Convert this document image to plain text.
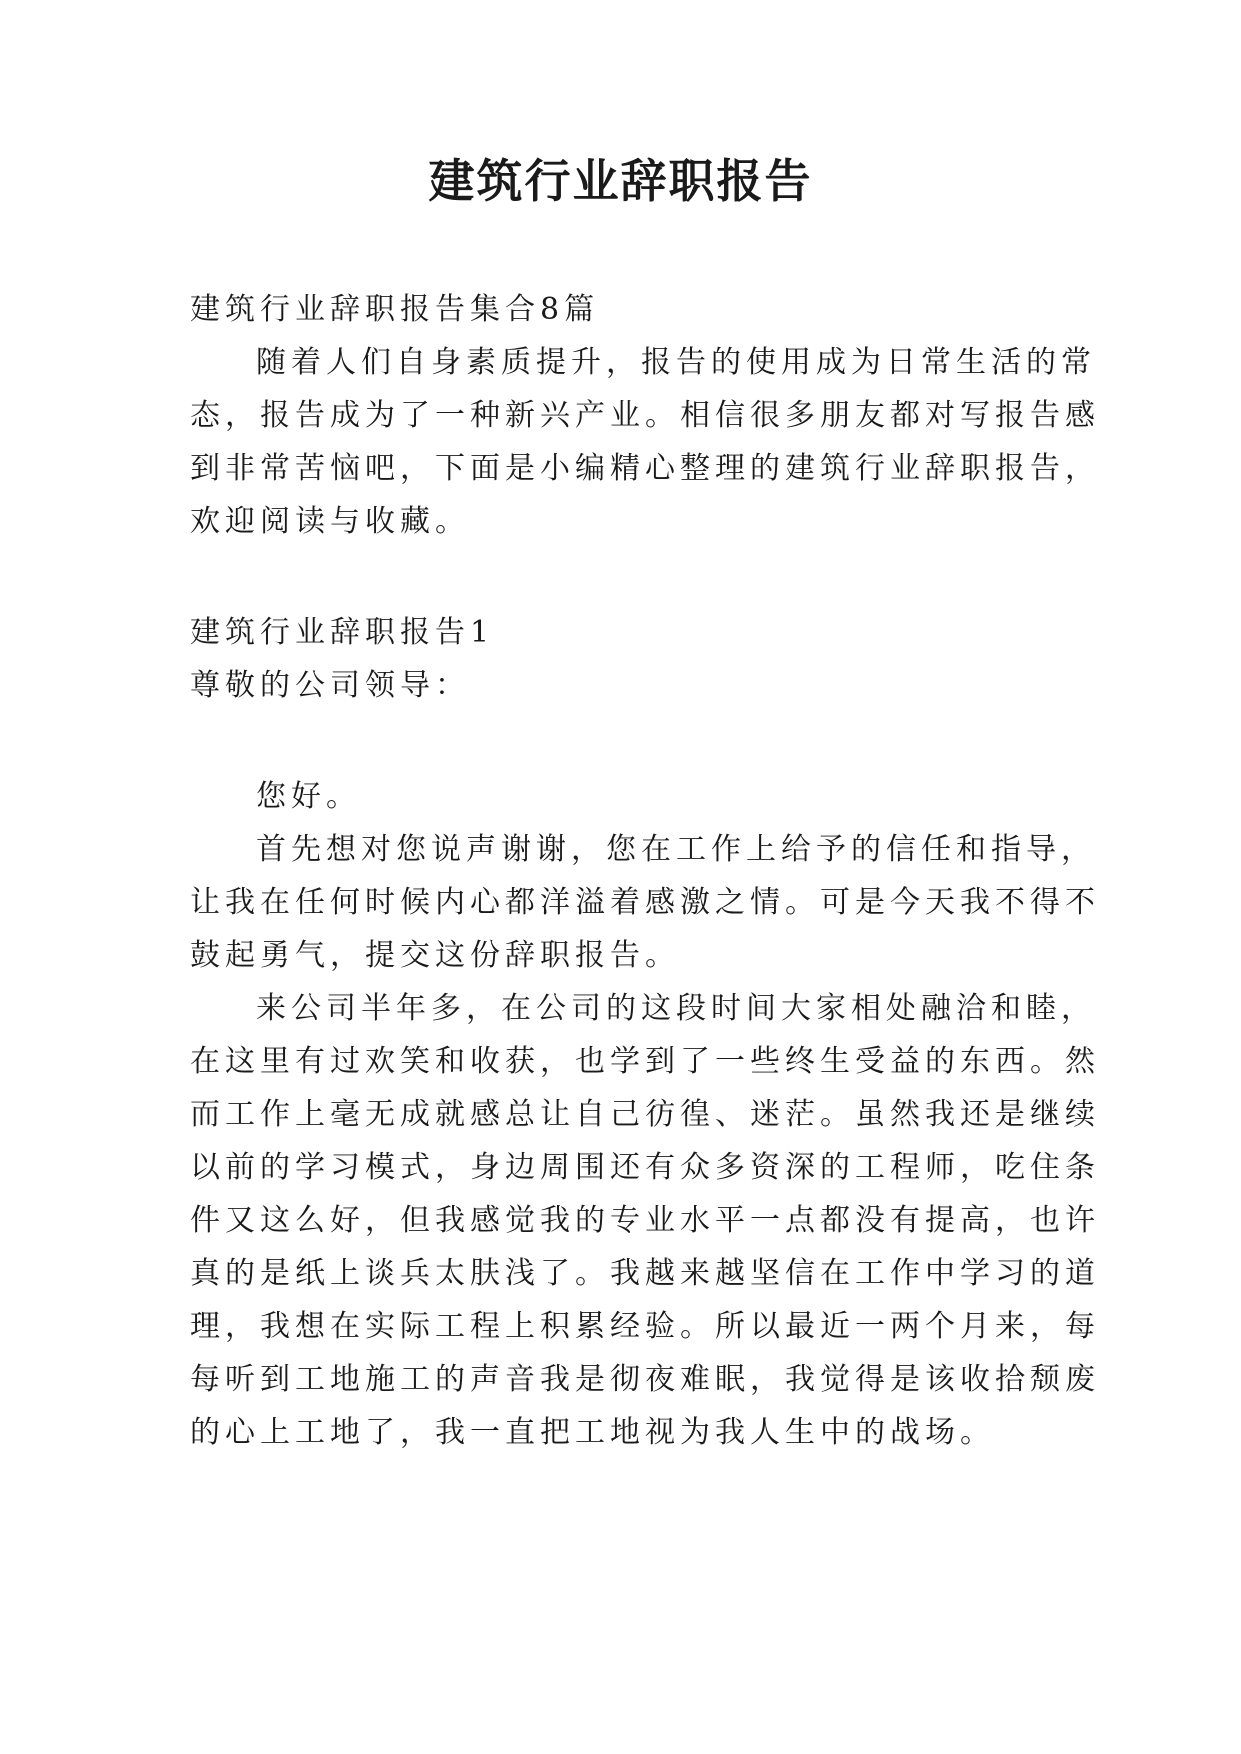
建筑行业辞职报告
建筑行业辞职报告集合8篇
随着人们自身素质提升，报告的使用成为日常生活的常
态，报告成为了一种新兴产业。相信很多朋友都对写报告感
到非常苦恼吧，下面是小编精心整理的建筑行业辞职报告，
欢迎阅读与收藏。
建筑行业辞职报告1
尊敬的公司领导：
您好。
首先想对您说声谢谢，您在工作上给予的信任和指导，
让我在任何时候内心都洋溢着感激之情。可是今天我不得不
鼓起勇气，提交这份辞职报告。
来公司半年多，在公司的这段时间大家相处融洽和睦，
在这里有过欢笑和收获，也学到了一些终生受益的东西。然
而工作上毫无成就感总让自己彷徨、迷茫。虽然我还是继续
以前的学习模式，身边周围还有众多资深的工程师，吃住条
件又这么好，但我感觉我的专业水平一点都没有提高，也许
真的是纸上谈兵太肤浅了。我越来越坚信在工作中学习的道
理，我想在实际工程上积累经验。所以最近一两个月来，每
每听到工地施工的声音我是彻夜难眠，我觉得是该收拾颓废
的心上工地了，我一直把工地视为我人生中的战场。
